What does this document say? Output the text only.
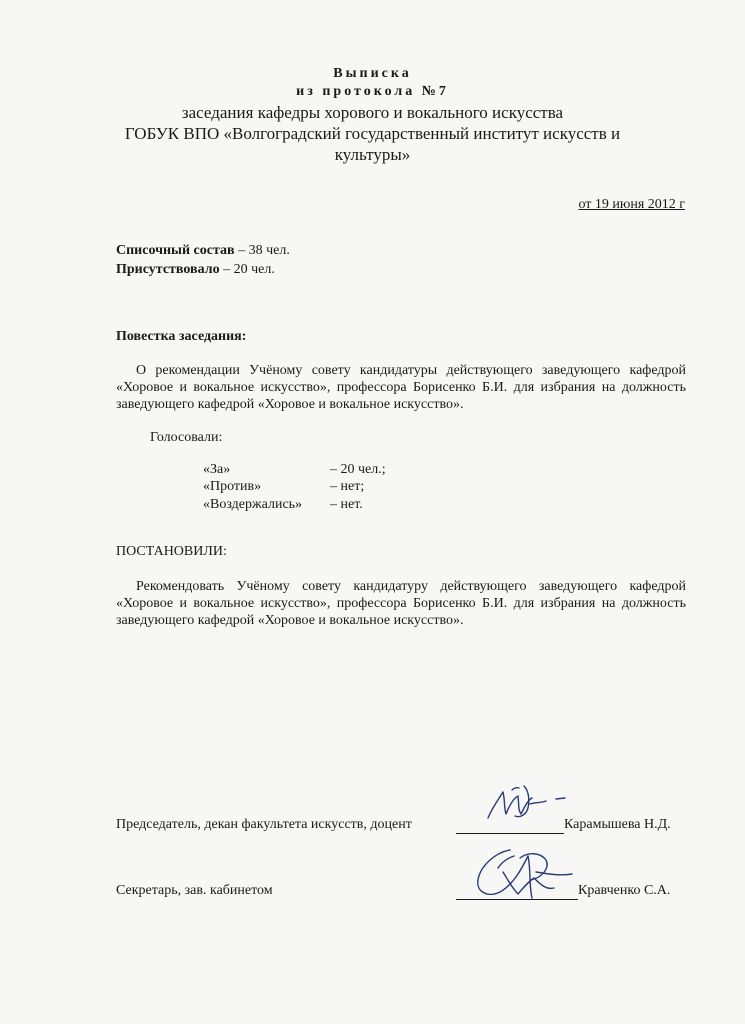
Выписка
из протокола №7
заседания кафедры хорового и вокального искусства
ГОБУК ВПО «Волгоградский государственный институт искусств и
культуры»
от 19 июня 2012 г
Списочный состав – 38 чел.
Присутствовало – 20 чел.
Повестка заседания:
О рекомендации Учёному совету кандидатуры действующего заведующего кафедрой «Хоровое и вокальное искусство», профессора Борисенко Б.И. для избрания на должность заведующего кафедрой «Хоровое и вокальное искусство».
Голосовали:
«За»	– 20 чел.;
«Против»	– нет;
«Воздержались» – нет.
ПОСТАНОВИЛИ:
Рекомендовать Учёному совету кандидатуру действующего заведующего кафедрой «Хоровое и вокальное искусство», профессора Борисенко Б.И. для избрания на должность заведующего кафедрой «Хоровое и вокальное искусство».
Председатель, декан факультета искусств, доцент	Карамышева Н.Д.
Секретарь, зав. кабинетом	Кравченко С.А.
